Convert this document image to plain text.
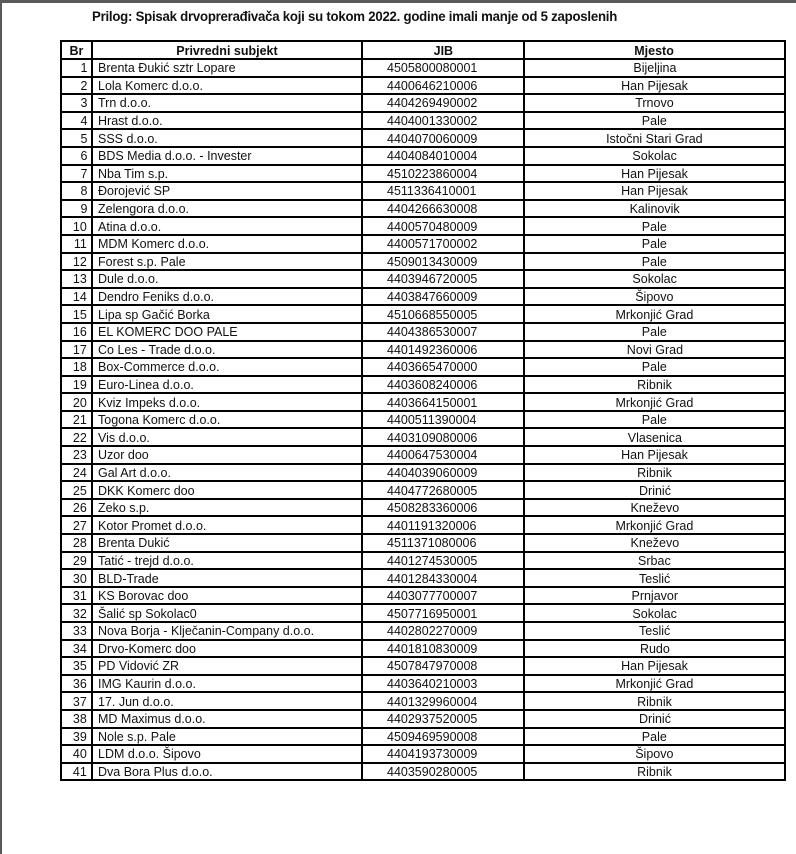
Prilog: Spisak drvoprerađivača koji su tokom 2022. godine imali manje od 5 zaposlenih
Br	Privredni subjekt	JIB	Mjesto
1	Brenta Đukić sztr Lopare	4505800080001	Bijeljina
2	Lola Komerc d.o.o.	4400646210006	Han Pijesak
3	Trn d.o.o.	4404269490002	Trnovo
4	Hrast d.o.o.	4404001330002	Pale
5	SSS d.o.o.	4404070060009	Istočni Stari Grad
6	BDS Media d.o.o. - Invester	4404084010004	Sokolac
7	Nba Tim s.p.	4510223860004	Han Pijesak
8	Đorojević SP	4511336410001	Han Pijesak
9	Zelengora d.o.o.	4404266630008	Kalinovik
10	Atina d.o.o.	4400570480009	Pale
11	MDM Komerc d.o.o.	4400571700002	Pale
12	Forest s.p. Pale	4509013430009	Pale
13	Dule d.o.o.	4403946720005	Sokolac
14	Dendro Feniks d.o.o.	4403847660009	Šipovo
15	Lipa sp Gačić Borka	4510668550005	Mrkonjić Grad
16	EL KOMERC DOO PALE	4404386530007	Pale
17	Co Les - Trade d.o.o.	4401492360006	Novi Grad
18	Box-Commerce d.o.o.	4403665470000	Pale
19	Euro-Linea d.o.o.	4403608240006	Ribnik
20	Kviz Impeks d.o.o.	4403664150001	Mrkonjić Grad
21	Togona Komerc d.o.o.	4400511390004	Pale
22	Vis d.o.o.	4403109080006	Vlasenica
23	Uzor doo	4400647530004	Han Pijesak
24	Gal Art d.o.o.	4404039060009	Ribnik
25	DKK Komerc doo	4404772680005	Drinić
26	Zeko s.p.	4508283360006	Kneževo
27	Kotor Promet d.o.o.	4401191320006	Mrkonjić Grad
28	Brenta Dukić	4511371080006	Kneževo
29	Tatić - trejd d.o.o.	4401274530005	Srbac
30	BLD-Trade	4401284330004	Teslić
31	KS Borovac doo	4403077700007	Prnjavor
32	Šalić sp Sokolac0	4507716950001	Sokolac
33	Nova Borja - Klječanin-Company d.o.o.	4402802270009	Teslić
34	Drvo-Komerc doo	4401810830009	Rudo
35	PD Vidović ZR	4507847970008	Han Pijesak
36	IMG Kaurin d.o.o.	4403640210003	Mrkonjić Grad
37	17. Jun d.o.o.	4401329960004	Ribnik
38	MD Maximus d.o.o.	4402937520005	Drinić
39	Nole s.p. Pale	4509469590008	Pale
40	LDM d.o.o. Šipovo	4404193730009	Šipovo
41	Dva Bora Plus d.o.o.	4403590280005	Ribnik
